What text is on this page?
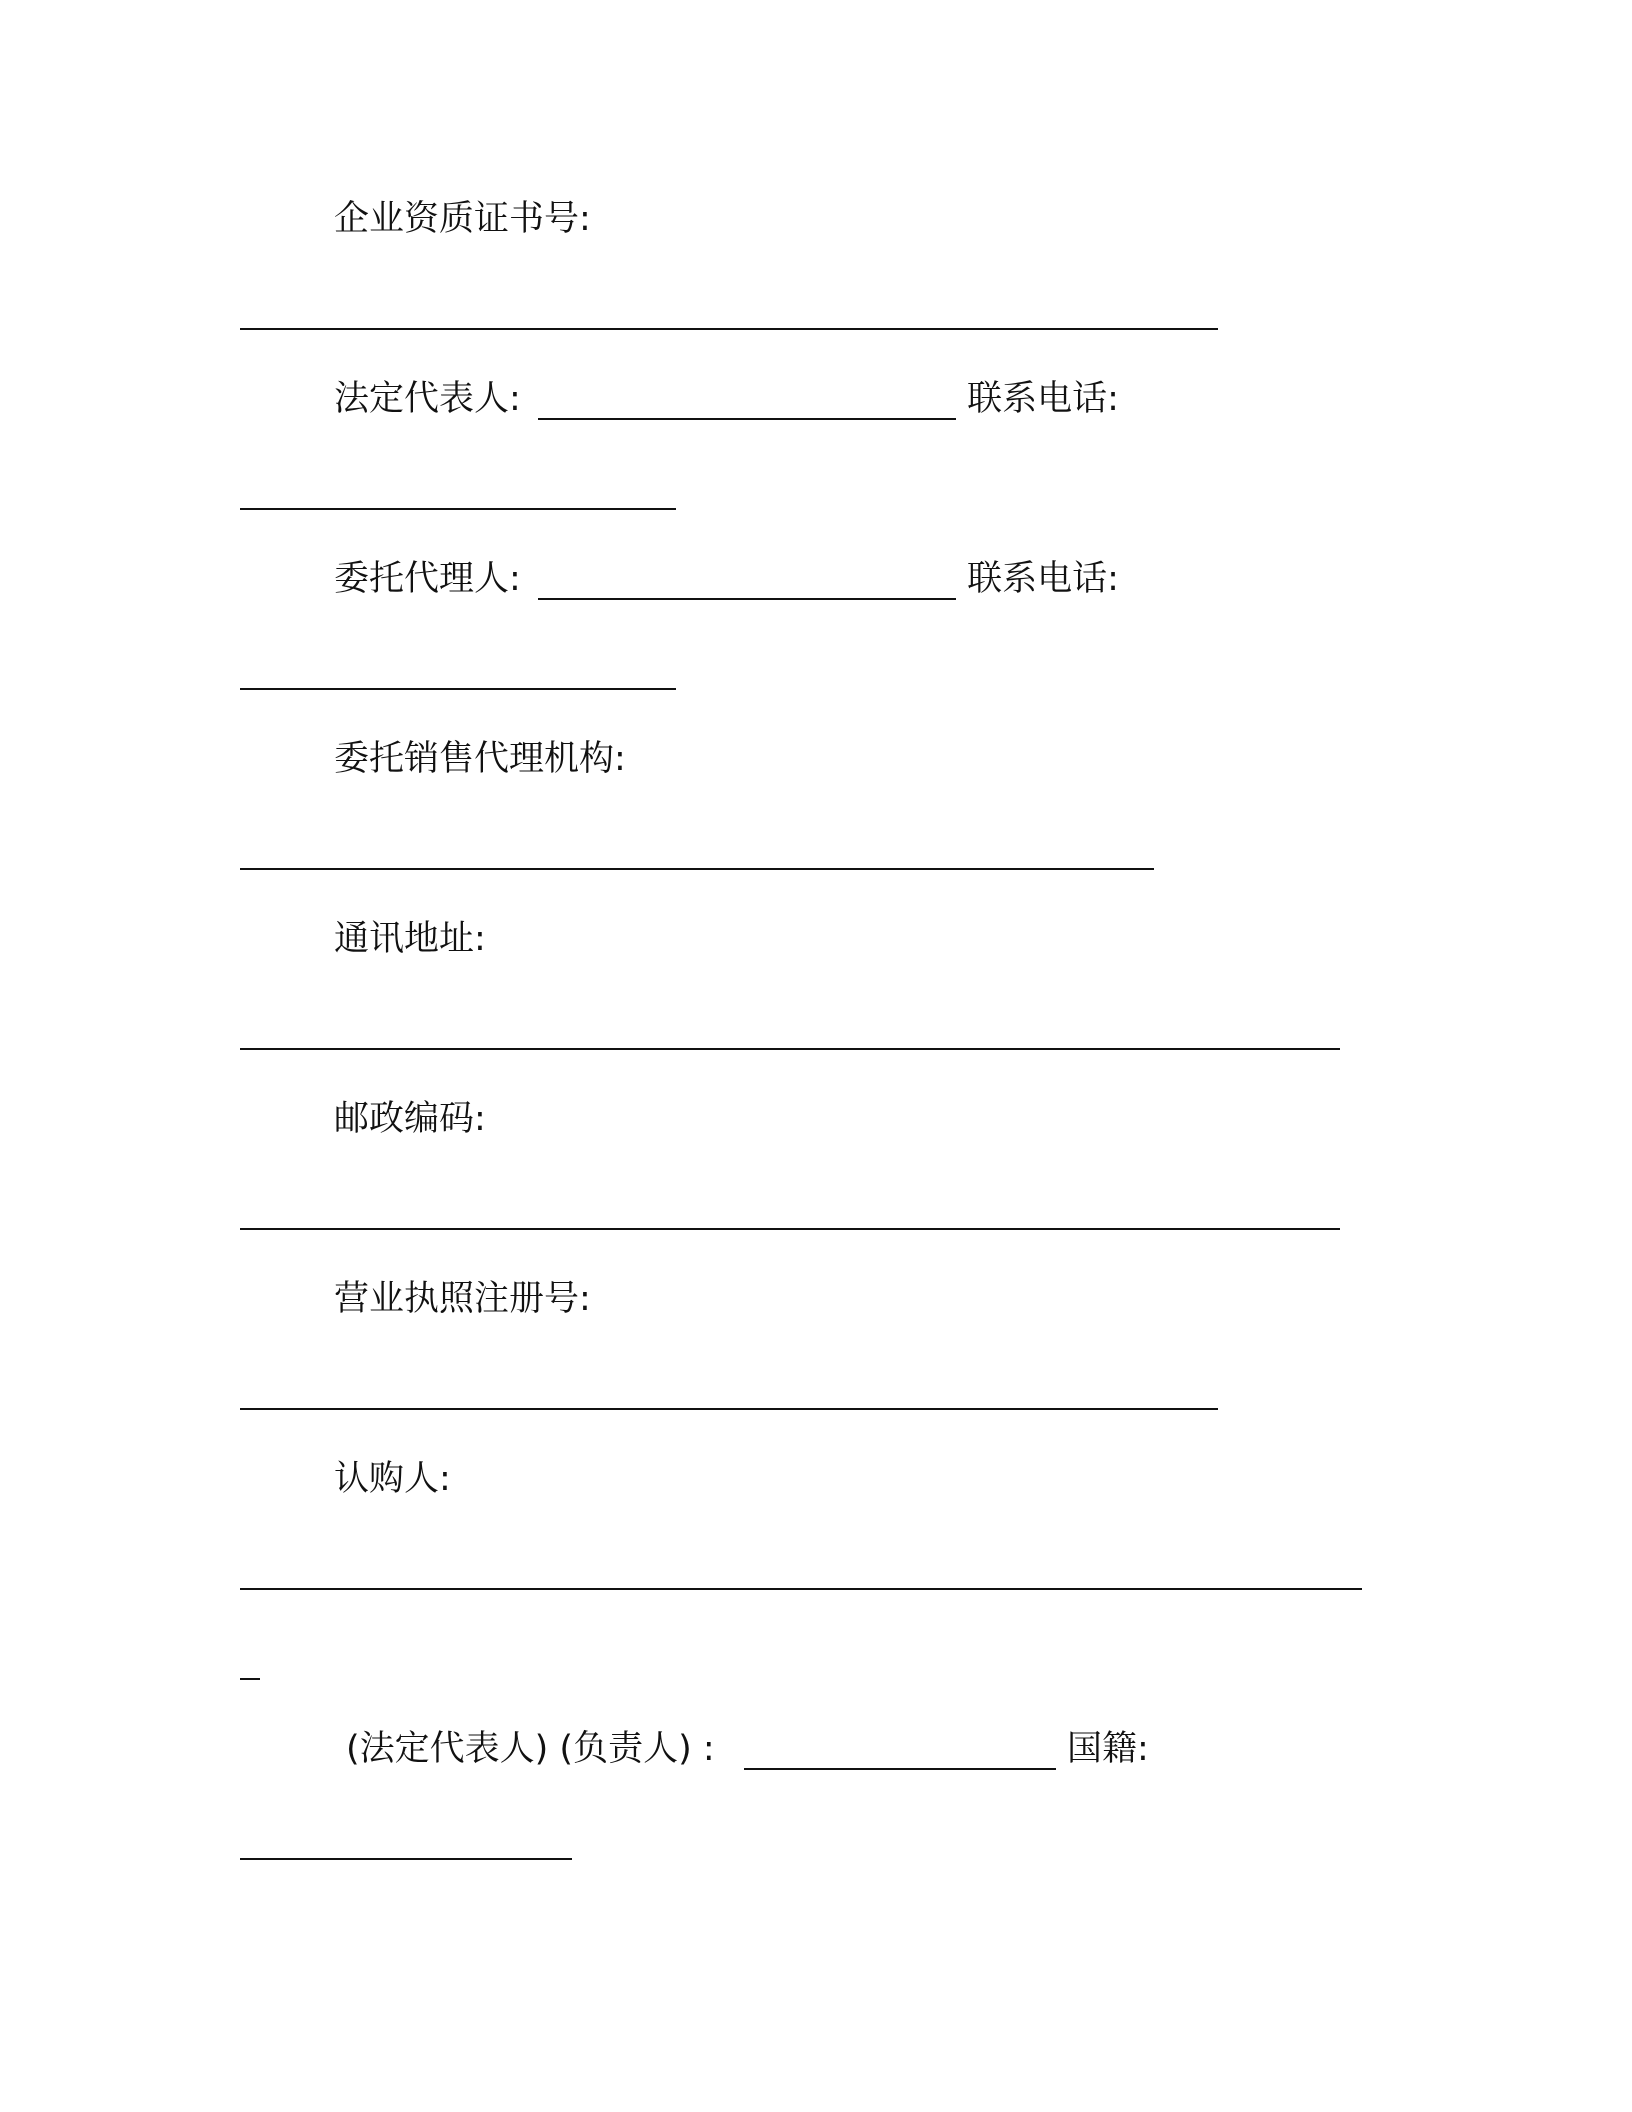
企业资质证书号:
法定代表人:	联系电话:
委托代理人:	联系电话:
委托销售代理机构:
通讯地址:
邮政编码:
营业执照注册号:
认购人:
(法定代表人) (负责人) :	国籍:
